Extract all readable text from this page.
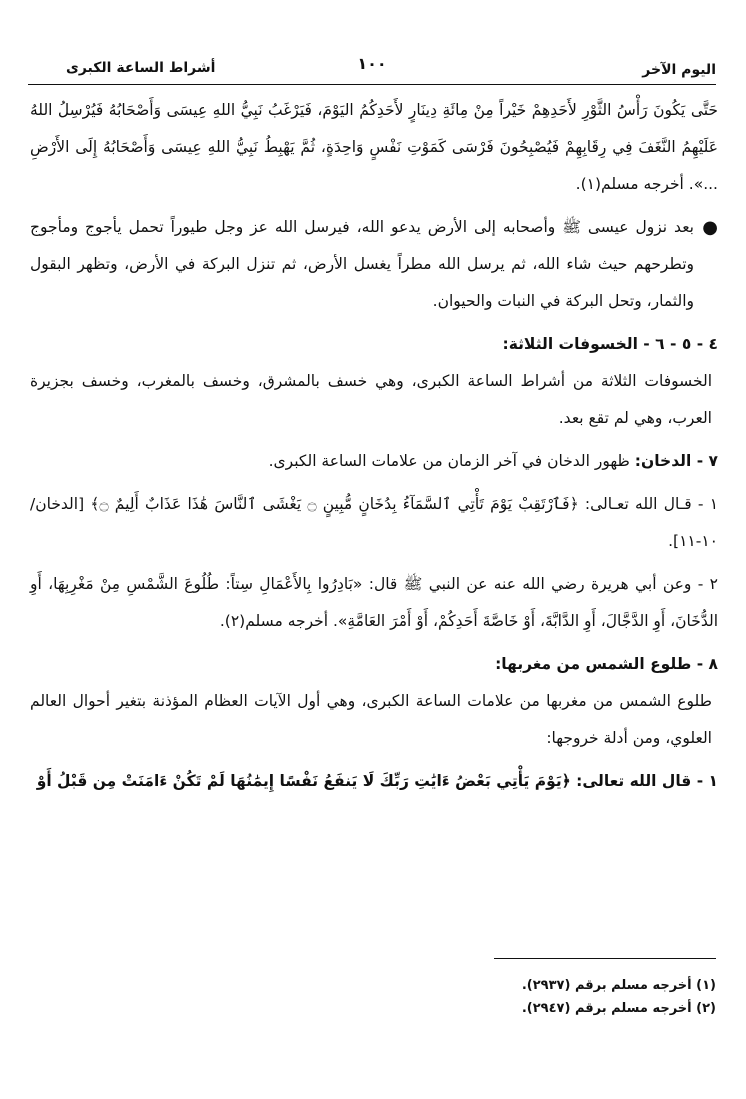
اليوم الآخر
١٠٠
أشراط الساعة الكبرى

حَتَّى يَكُونَ رَأْسُ الثَّوْرِ لأَحَدِهِمْ خَيْراً مِنْ مِائَةِ دِينَارٍ لأَحَدِكُمُ اليَوْمَ، فَيَرْغَبُ نَبِيُّ اللهِ عِيسَى وَأَصْحَابُهُ فَيُرْسِلُ اللهُ عَلَيْهِمُ النَّغَفَ فِي رِقَابِهِمْ فَيُصْبِحُونَ فَرْسَى كَمَوْتِ نَفْسٍ وَاحِدَةٍ، ثُمَّ يَهْبِطُ نَبِيُّ اللهِ عِيسَى وَأَصْحَابُهُ إِلَى الأَرْضِ ...». أخرجه مسلم(١).

●

بعد نزول عيسى ﷺ وأصحابه إلى الأرض يدعو الله، فيرسل الله عز وجل طيوراً تحمل يأجوج ومأجوج وتطرحهم حيث شاء الله، ثم يرسل الله مطراً يغسل الأرض، ثم تنزل البركة في الأرض، وتظهر البقول والثمار، وتحل البركة في النبات والحيوان.

٤ - ٥ - ٦ - الخسوفات الثلاثة:

الخسوفات الثلاثة من أشراط الساعة الكبرى، وهي خسف بالمشرق، وخسف بالمغرب، وخسف بجزيرة العرب، وهي لم تقع بعد.

٧ - الدخان: ظهور الدخان في آخر الزمان من علامات الساعة الكبرى.

١ - قـال الله تعـالى: ﴿فَٱرْتَقِبْ يَوْمَ تَأْتِي ٱلسَّمَآءُ بِدُخَانٍ مُّبِينٍ ۝ يَغْشَى ٱلنَّاسَ هَٰذَا عَذَابٌ أَلِيمٌ ۝﴾ [الدخان/١٠-١١].

٢ - وعن أبي هريرة رضي الله عنه عن النبي ﷺ قال: «بَادِرُوا بِالأَعْمَالِ سِتاً: طُلُوعَ الشَّمْسِ مِنْ مَغْرِبِهَا، أَوِ الدُّخَانَ، أَوِ الدَّجَّالَ، أَوِ الدَّابَّةَ، أَوْ خَاصَّةَ أَحَدِكُمْ، أَوْ أَمْرَ العَامَّةِ». أخرجه مسلم(٢).

٨ - طلوع الشمس من مغربها:

طلوع الشمس من مغربها من علامات الساعة الكبرى، وهي أول الآيات العظام المؤذنة بتغير أحوال العالم العلوي، ومن أدلة خروجها:

١ - قال الله تعالى: ﴿يَوْمَ يَأْتِي بَعْضُ ءَايَٰتِ رَبِّكَ لَا يَنفَعُ نَفْسًا إِيمَٰنُهَا لَمْ تَكُنْ ءَامَنَتْ مِن قَبْلُ أَوْ

(١) أخرجه مسلم برقم (٢٩٣٧).

(٢) أخرجه مسلم برقم (٢٩٤٧).
